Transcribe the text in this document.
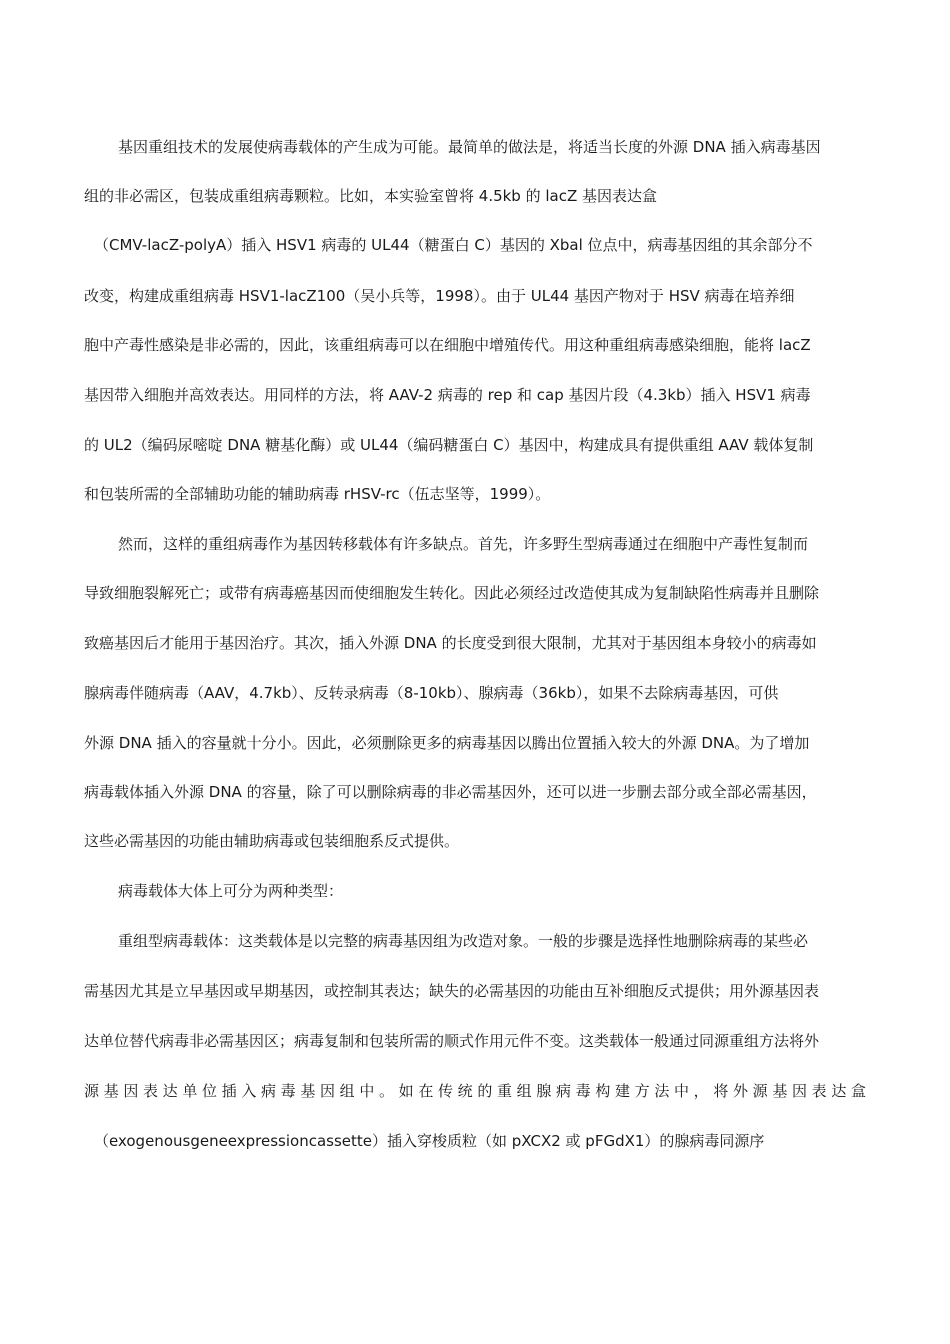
基因重组技术的发展使病毒载体的产生成为可能。最简单的做法是，将适当长度的外源 DNA 插入病毒基因
组的非必需区，包装成重组病毒颗粒。比如，本实验室曾将 4.5kb 的 lacZ 基因表达盒
（CMV-lacZ-polyA）插入 HSV1 病毒的 UL44（糖蛋白 C）基因的 Xbal 位点中，病毒基因组的其余部分不
改变，构建成重组病毒 HSV1-lacZ100（吴小兵等，1998）。由于 UL44 基因产物对于 HSV 病毒在培养细
胞中产毒性感染是非必需的，因此，该重组病毒可以在细胞中增殖传代。用这种重组病毒感染细胞，能将 lacZ
基因带入细胞并高效表达。用同样的方法，将 AAV-2 病毒的 rep 和 cap 基因片段（4.3kb）插入 HSV1 病毒
的 UL2（编码尿嘧啶 DNA 糖基化酶）或 UL44（编码糖蛋白 C）基因中，构建成具有提供重组 AAV 载体复制
和包装所需的全部辅助功能的辅助病毒 rHSV-rc（伍志坚等，1999）。
然而，这样的重组病毒作为基因转移载体有许多缺点。首先，许多野生型病毒通过在细胞中产毒性复制而
导致细胞裂解死亡；或带有病毒癌基因而使细胞发生转化。因此必须经过改造使其成为复制缺陷性病毒并且删除
致癌基因后才能用于基因治疗。其次，插入外源 DNA 的长度受到很大限制，尤其对于基因组本身较小的病毒如
腺病毒伴随病毒（AAV，4.7kb）、反转录病毒（8-10kb）、腺病毒（36kb），如果不去除病毒基因，可供
外源 DNA 插入的容量就十分小。因此，必须删除更多的病毒基因以腾出位置插入较大的外源 DNA。为了增加
病毒载体插入外源 DNA 的容量，除了可以删除病毒的非必需基因外，还可以进一步删去部分或全部必需基因，
这些必需基因的功能由辅助病毒或包装细胞系反式提供。
病毒载体大体上可分为两种类型：
重组型病毒载体：这类载体是以完整的病毒基因组为改造对象。一般的步骤是选择性地删除病毒的某些必
需基因尤其是立早基因或早期基因，或控制其表达；缺失的必需基因的功能由互补细胞反式提供；用外源基因表
达单位替代病毒非必需基因区；病毒复制和包装所需的顺式作用元件不变。这类载体一般通过同源重组方法将外
源基因表达单位插入病毒基因组中。如在传统的重组腺病毒构建方法中，将外源基因表达盒
（exogenousgeneexpressioncassette）插入穿梭质粒（如 pXCX2 或 pFGdX1）的腺病毒同源序
